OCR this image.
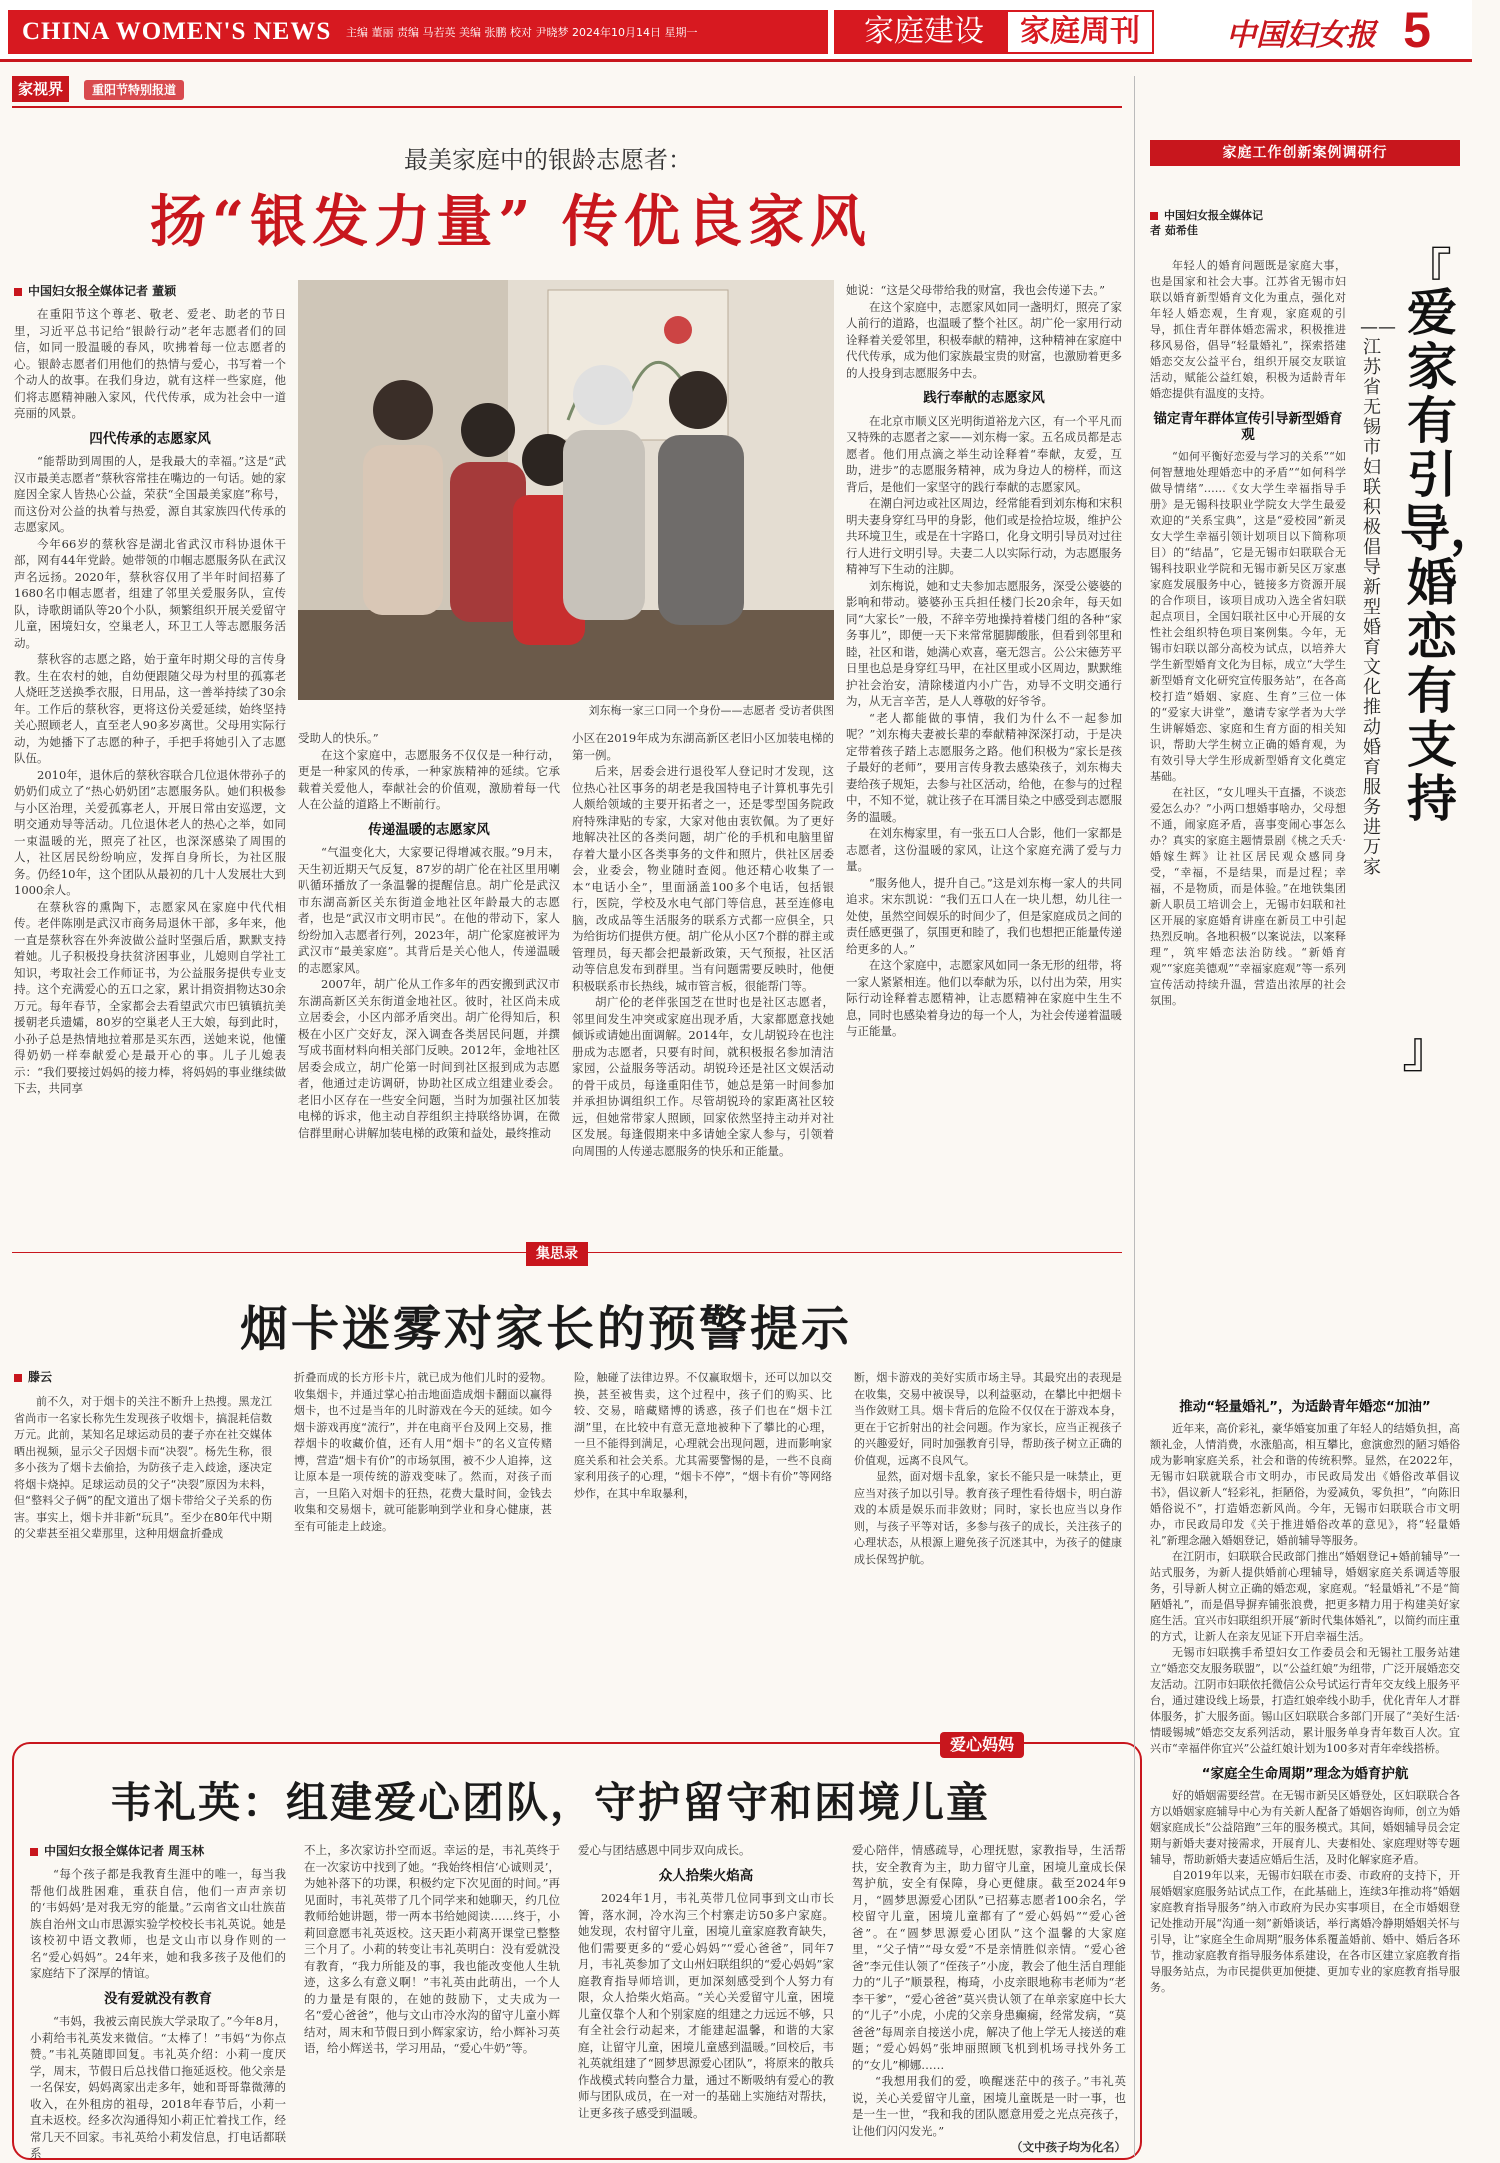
CHINA WOMEN'S NEWS	主编 董丽 责编 马若英 美编 张鹏 校对 尹晓梦 2024年10月14日 星期一	家庭建设	家庭周刊	中国妇女报 5
家视界	重阳节特别报道
最美家庭中的银龄志愿者：
扬“银发力量” 传优良家风
中国妇女报全媒体记者 董颖

在重阳节这个尊老、敬老、爱老、助老的节日里，习近平总书记给“银龄行动”老年志愿者们的回信，如同一股温暖的春风，吹拂着每一位志愿者的心。银龄志愿者们用他们的热情与爱心，书写着一个个动人的故事。在我们身边，就有这样一些家庭，他们将志愿精神融入家风，代代传承，成为社会中一道亮丽的风景。

四代传承的志愿家风

“能帮助到周围的人，是我最大的幸福。”这是“武汉市最美志愿者”蔡秋容常挂在嘴边的一句话。她的家庭因全家人皆热心公益，荣获“全国最美家庭”称号，而这份对公益的执着与热爱，源自其家族四代传承的志愿家风。

今年66岁的蔡秋容是湖北省武汉市科协退休干部，网有44年党龄。她带领的巾帼志愿服务队在武汉声名远扬。2020年，蔡秋容仅用了半年时间招募了1680名巾帼志愿者，组建了邻里关爱服务队，宣传队，诗歌朗诵队等20个小队，频繁组织开展关爱留守儿童，困境妇女，空巢老人，环卫工人等志愿服务活动。

蔡秋容的志愿之路，始于童年时期父母的言传身教。生在农村的她，自幼便跟随父母为村里的孤寡老人烧旺芝送换季衣服，日用品，这一善举持续了30余年。工作后的蔡秋容，更将这份关爱延续，始终坚持关心照顾老人，直至老人90多岁离世。父母用实际行动，为她播下了志愿的种子，手把手将她引入了志愿队伍。

2010年，退休后的蔡秋容联合几位退休带孙子的奶奶们成立了“热心奶奶团”志愿服务队。她们积极参与小区治理，关爱孤寡老人，开展日常由安巡逻，文明交通劝导等活动。几位退休老人的热心之举，如同一束温暖的光，照亮了社区，也深深感染了周围的人，社区居民纷纷响应，发挥自身所长，为社区服务。仍经10年，这个团队从最初的几十人发展壮大到1000余人。

在蔡秋容的熏陶下，志愿家风在家庭中代代相传。老伴陈刚是武汉市商务局退休干部，多年来，他一直是蔡秋容在外奔波做公益时坚强后盾，默默支持着她。儿子积极投身扶贫济困事业，儿媳则自学社工知识，考取社会工作师证书，为公益服务提供专业支持。这个充满爱心的五口之家，累计捐资捐物达30余万元。每年春节，全家都会去看望武穴市巴镇镇抗美援朝老兵遗孀，80岁的空巢老人王大娘，每到此时，小孙子总是热情地拉着那是买东西，送她来说，他懂得奶奶一样奉献爱心是最开心的事。儿子儿媳表示：“我们要接过妈妈的接力棒，将妈妈的事业继续做下去，共同享

刘东梅一家三口同一个身份——志愿者 受访者供图

受助人的快乐。”

在这个家庭中，志愿服务不仅仅是一种行动，更是一种家风的传承，一种家族精神的延续。它承载着关爱他人，奉献社会的价值观，激励着每一代人在公益的道路上不断前行。

传递温暖的志愿家风

“气温变化大，大家要记得增减衣服。”9月末，天生初近期天气反复，87岁的胡广伦在社区里用喇叭循环播放了一条温馨的提醒信息。胡广伦是武汉市东湖高新区关东街道金地社区年龄最大的志愿者，也是“武汉市文明市民”。在他的带动下，家人纷纷加入志愿者行列，2023年，胡广伦家庭被评为武汉市“最美家庭”。其背后是关心他人，传递温暖的志愿家风。

2007年，胡广伦从工作多年的西安搬到武汉市东湖高新区关东街道金地社区。彼时，社区尚未成立居委会，小区内部矛盾突出。胡广伦得知后，积极在小区广交好友，深入调查各类居民问题，并撰写成书面材料向相关部门反映。2012年，金地社区居委会成立，胡广伦第一时间到社区报到成为志愿者，他通过走访调研，协助社区成立组建业委会。老旧小区存在一些安全问题，当时为加强社区加装电梯的诉求，他主动自荐组织主持联络协调，在微信群里耐心讲解加装电梯的政策和益处，最终推动

小区在2019年成为东湖高新区老旧小区加装电梯的第一例。

后来，居委会进行退役军人登记时才发现，这位热心社区事务的胡老是我国特电子计算机事先引人颇给领域的主要开拓者之一，还是零型国务院政府特殊津贴的专家，大家对他由衷钦佩。为了更好地解决社区的各类问题，胡广伦的手机和电脑里留存着大量小区各类事务的文件和照片，供社区居委会，业委会，物业随时查阅。他还精心收集了一本“电话小全”，里面涵盖100多个电话，包括银行，医院，学校及水电气部门等信息，甚至连修电脑，改成品等生活服务的联系方式都一应俱全，只为给街坊们提供方便。胡广伦从小区7个群的群主或管理员，每天都会把最新政策，天气预报，社区活动等信息发布到群里。当有问题需要反映时，他便积极联系市长热线，城市管言板，很能帮门等。

胡广伦的老伴张国芝在世时也是社区志愿者，邻里间发生冲突或家庭出现矛盾，大家都愿意找她倾诉或请她出面调解。2014年，女儿胡锐玲在也注册成为志愿者，只要有时间，就积极报名参加清洁家园，公益服务等活动。胡锐玲还是社区文娱活动的骨干成员，每逢重阳佳节，她总是第一时间参加并承担协调组织工作。尽管胡锐玲的家距离社区较远，但她常带家人照顾，回家依然坚持主动并对社区发展。每逢假期来中多请她全家人参与，引领着向周围的人传递志愿服务的快乐和正能量。

她说：“这是父母带给我的财富，我也会传递下去。”

在这个家庭中，志愿家风如同一盏明灯，照亮了家人前行的道路，也温暖了整个社区。胡广伦一家用行动诠释着关爱邻里，积极奉献的精神，这种精神在家庭中代代传承，成为他们家族最宝贵的财富，也激励着更多的人投身到志愿服务中去。

践行奉献的志愿家风

在北京市顺义区光明街道裕龙六区，有一个平凡而又特殊的志愿者之家——刘东梅一家。五名成员都是志愿者。他们用点滴之举生动诠释着“奉献，友爱，互助，进步”的志愿服务精神，成为身边人的榜样，而这背后，是他们一家坚守的践行奉献的志愿家风。

在潮白河边或社区周边，经常能看到刘东梅和宋积明夫妻身穿红马甲的身影，他们或是捡拾垃圾，维护公共环境卫生，或是在十字路口，化身文明引导员对过往行人进行文明引导。夫妻二人以实际行动，为志愿服务精神写下生动的注脚。

刘东梅说，她和丈夫参加志愿服务，深受公婆婆的影响和带动。婆婆孙玉兵担任楼门长20余年，每天如同“大家长”一般，不辞辛劳地操持着楼门组的各种“家务事儿”，即便一天下来常常腿脚酸胀，但看到邻里和睦，社区和谐，她满心欢喜，毫无怨言。公公宋德芳平日里也总是身穿红马甲，在社区里或小区周边，默默维护社会治安，清除楼道内小广告，劝导不文明交通行为，从无言辛苦，是人人尊敬的好爷爷。

“老人都能做的事情，我们为什么不一起参加呢？”刘东梅夫妻被长辈的奉献精神深深打动，于是决定带着孩子踏上志愿服务之路。他们积极为“家长是孩子最好的老师”，要用言传身教去感染孩子，刘东梅夫妻给孩子规矩，去参与社区活动，给他，在参与的过程中，不知不觉，就让孩子在耳濡目染之中感受到志愿服务的温暖。

在刘东梅家里，有一张五口人合影，他们一家都是志愿者，这份温暖的家风，让这个家庭充满了爱与力量。

“服务他人，提升自己。”这是刘东梅一家人的共同追求。宋东凯说：“我们五口人在一块儿想，幼儿往一处使，虽然空间娱乐的时间少了，但是家庭成员之间的责任感更强了，氛围更和睦了，我们也想把正能量传递给更多的人。”

在这个家庭中，志愿家风如同一条无形的纽带，将一家人紧紧相连。他们以奉献为乐，以付出为荣，用实际行动诠释着志愿精神，让志愿精神在家庭中生生不息，同时也感染着身边的每一个人，为社会传递着温暖与正能量。

集思录
烟卡迷雾对家长的预警提示
滕云

前不久，对于烟卡的关注不断升上热搜。黑龙江省尚市一名家长称先生发现孩子收烟卡，搞混耗信数万元。此前，某知名足球运动员的妻子亦在社交媒体晒出视频，显示父子因烟卡而“决裂”。杨先生称，很多小孩为了烟卡去偷拾，为防孩子走入歧途，逐决定将烟卡烧掉。足球运动员的父子“决裂”原因为未料，但“整料父子俩”的配文道出了烟卡带给父子关系的伤害。事实上，烟卡并非新“玩具”。至少在80年代中期的父辈甚至祖父辈那里，这种用烟盒折叠成

折叠而成的长方形卡片，就已成为他们儿时的爱物。收集烟卡，并通过掌心拍击地面造成烟卡翻面以赢得烟卡，也不过是当年的儿时游戏在今天的延续。如今烟卡游戏再度“流行”，并在电商平台及网上交易，推荐烟卡的收藏价值，还有人用“烟卡”的名义宣传赌博，营造“烟卡有价”的市场氛围，被不少人追捧，这让原本是一项传统的游戏变味了。然而，对孩子而言，一旦陷入对烟卡的狂热，花费大量时间，金钱去收集和交易烟卡，就可能影响到学业和身心健康，甚至有可能走上歧途。

险，触碰了法律边界。不仅赢取烟卡，还可以加以交换，甚至被售卖，这个过程中，孩子们的购买、比较、交易，暗藏赌博的诱惑，孩子们也在“烟卡江湖”里，在比较中有意无意地被种下了攀比的心理，一旦不能得到满足，心理就会出现问题，进而影响家庭关系和社会关系。尤其需要警惕的是，一些不良商家利用孩子的心理，“烟卡不停”，“烟卡有价”等网络炒作，在其中牟取暴利，

断，烟卡游戏的美好实质市场主导。其最究出的表现是在收集，交易中被误导，以利益驱动，在攀比中把烟卡当作敛财工具。烟卡背后的危险不仅仅在于游戏本身，更在于它折射出的社会问题。作为家长，应当正视孩子的兴趣爱好，同时加强教育引导，帮助孩子树立正确的价值观，远离不良风气。

显然，面对烟卡乱象，家长不能只是一味禁止，更应当对孩子加以引导。教育孩子理性看待烟卡，明白游戏的本质是娱乐而非敛财；同时，家长也应当以身作则，与孩子平等对话，多参与孩子的成长，关注孩子的心理状态，从根源上避免孩子沉迷其中，为孩子的健康成长保驾护航。

爱心妈妈
韦礼英：组建爱心团队，守护留守和困境儿童
中国妇女报全媒体记者 周玉林

“每个孩子都是我教育生涯中的唯一，每当我帮他们战胜困难，重获自信，他们一声声亲切的‘韦妈妈’是对我无穷的能量。”云南省文山壮族苗族自治州文山市思源实验学校校长韦礼英说。她是该校初中语文教师，也是文山市以身作则的一名“爱心妈妈”。24年来，她和我多孩子及他们的家庭结下了深厚的情谊。

没有爱就没有教育

“韦妈，我被云南民族大学录取了。”今年8月，小莉给韦礼英发来微信。“太棒了！”韦妈“为你点赞。”韦礼英随即回复。韦礼英介绍：小莉一度厌学，周末，节假日后总找借口拖延返校。他父亲是一名保安，妈妈离家出走多年，她和哥哥靠微薄的收入，在外租房的祖母，2018年春节后，小莉一直未返校。经多次沟通得知小莉正忙着找工作，经常几天不回家。韦礼英给小莉发信息，打电话都联系

不上，多次家访扑空而返。幸运的是，韦礼英终于在一次家访中找到了她。“我始终相信‘心诚则灵’，为她补落下的功课，积极约定下次见面的时间。”再见面时，韦礼英带了几个同学来和她聊天，约几位教师给她讲题，带一两本书给她阅读……终于，小莉回意愿韦礼英返校。这天距小莉离开课堂已整整三个月了。小莉的转变让韦礼英明白：没有爱就没有教育，“我力所能及的事，我也能改变他人生轨迹，这多么有意义啊！”韦礼英由此萌出，一个人的力量是有限的，在她的鼓励下，丈夫成为一名“爱心爸爸”，他与文山市冷水沟的留守儿童小辉结对，周末和节假日到小辉家家访，给小辉补习英语，给小辉送书，学习用品，“爱心牛奶”等。

爱心与团结感恩中同步双向成长。

众人拾柴火焰高

2024年1月，韦礼英带几位同事到文山市长箐，落水洞，冷水沟三个村寨走访50多户家庭。她发现，农村留守儿童，困境儿童家庭教育缺失，他们需要更多的“爱心妈妈”“爱心爸爸”，同年7月，韦礼英参加了文山州妇联组织的“爱心妈妈”家庭教育指导师培训，更加深刻感受到个人努力有限，众人拾柴火焰高。“关心关爱留守儿童，困境儿童仅靠个人和个别家庭的组建之力远远不够，只有全社会行动起来，才能建起温馨，和谐的大家庭，让留守儿童，困境儿童感到温暖。”回校后，韦礼英就组建了“圆梦思源爱心团队”，将原来的散兵作战模式转向整合力量，通过不断吸纳有爱心的教师与团队成员，在一对一的基础上实施结对帮扶，让更多孩子感受到温暖。

爱心陪伴，情感疏导，心理抚慰，家教指导，生活帮扶，安全教育为主，助力留守儿童，困境儿童成长保驾护航，安全有保障，身心更健康。截至2024年9月，“圆梦思源爱心团队”已招募志愿者100余名，学校留守儿童，困境儿童都有了“爱心妈妈”“爱心爸爸”。在“圆梦思源爱心团队”这个温馨的大家庭里，“父子情”“母女爱”不是亲情胜似亲情。“爱心爸爸”李元佳认领了“侄孩子”小庞，教会了他生活自理能力的“儿子”顺景程，梅琦，小皮亲眼地称韦老师为“老李干爹”，“爱心爸爸”莫兴贵认领了在单亲家庭中长大的“儿子”小虎，小虎的父亲身患癫痫，经常发病，“莫爸爸”每周亲自接送小虎，解决了他上学无人接送的难题；“爱心妈妈”张坤丽照顾飞机到机场寻找外务工的“女儿”柳娜……

“我想用我们的爱，唤醒迷茫中的孩子。”韦礼英说，关心关爱留守儿童，困境儿童既是一时一事，也是一生一世，“我和我的团队愿意用爱之光点亮孩子，让他们闪闪发光。”

（文中孩子均为化名）

家庭工作创新案例调研行
中国妇女报全媒体记者 茹希佳
『
爱家有引导，婚恋有支持
』
——江苏省无锡市妇联积极倡导新型婚育文化推动婚育服务进万家

年轻人的婚育问题既是家庭大事，也是国家和社会大事。江苏省无锡市妇联以婚育新型婚育文化为重点，强化对年轻人婚恋观，生育观，家庭观的引导，抓住青年群体婚恋需求，积极推进移风易俗，倡导“轻量婚礼”，探索搭建婚恋交友公益平台，组织开展交友联谊活动，赋能公益红娘，积极为适龄青年婚恋提供有温度的支持。

锚定青年群体宣传引导新型婚育观

“如何平衡好恋爱与学习的关系”“如何智慧地处理婚恋中的矛盾”“如何科学做导情绪”……《女大学生幸福指导手册》是无锡科技职业学院女大学生最爱欢迎的“关系宝典”，这是“爱校园”新灵女大学生幸福引领计划项目以下简称项目）的“结晶”，它是无锡市妇联联合无锡科技职业学院和无锡市新吴区万家惠家庭发展服务中心，链接多方资源开展的合作项目，该项目成功入选全省妇联起点项目，全国妇联社区中心开展的女性社会组织特色项目案例集。今年，无锡市妇联以部分高校为试点，以培养大学生新型婚育文化为目标，成立“大学生新型婚育文化研究宣传服务站”，在各高校打造“婚姻、家庭、生育”三位一体的“爱家大讲堂”，邀请专家学者为大学生讲解婚恋、家庭和生育方面的相关知识，帮助大学生树立正确的婚育观，为有效引导大学生形成新型婚育文化奠定基础。

在社区，“女儿哩头干直播，不谈恋爱怎么办？”小两口想婚事啥办，父母想不通，闹家庭矛盾，喜事变闹心事怎么办？真实的家庭主题情景剧《桃之夭夭·婚嫁生辉》让社区居民观众感同身受，“幸福，不是结果，而是过程；幸福，不是物质，而是体验。”在地铁集团新人职员工培训会上，无锡市妇联和社区开展的家庭婚育讲座在新员工中引起热烈反响。各地积极“以案说法，以案释理”，筑牢婚恋法治防线。“新婚育观”“家庭美德观”“幸福家庭观”等一系列宣传活动持续升温，营造出浓厚的社会氛围。

推动“轻量婚礼”，为适龄青年婚恋“加油”

近年来，高价彩礼，豪华婚宴加重了年轻人的结婚负担，高额礼金，人情消费，水涨船高，相互攀比，愈演愈烈的陋习婚俗成为影响家庭关系，社会和谐的传统积弊。显然，在2022年，无锡市妇联就联合市文明办，市民政局发出《婚俗改革倡议书》，倡议新人“轻彩礼，拒陋俗，为爱减负，零负担”，“向陈旧婚俗说不”，打造婚恋新风尚。今年，无锡市妇联联合市文明办，市民政局印发《关于推进婚俗改革的意见》，将“轻量婚礼”新理念融入婚姻登记，婚前辅导等服务。

在江阴市，妇联联合民政部门推出“婚姻登记+婚前辅导”一站式服务，为新人提供婚前心理辅导，婚姻家庭关系调适等服务，引导新人树立正确的婚恋观，家庭观。“轻量婚礼”不是“简陋婚礼”，而是倡导摒弃铺张浪费，把更多精力用于构建美好家庭生活。宜兴市妇联组织开展“新时代集体婚礼”，以简约而庄重的方式，让新人在亲友见证下开启幸福生活。

无锡市妇联携手希望妇女工作委员会和无锡社工服务站建立“婚恋交友服务联盟”，以“公益红娘”为纽带，广泛开展婚恋交友活动。江阴市妇联依托微信公众号试运行青年交友线上服务平台，通过建设线上场景，打造红娘牵线小助手，优化青年人才群体服务，扩大服务面。锡山区妇联联合多部门开展了“美好生活·情暖锡城”婚恋交友系列活动，累计服务单身青年数百人次。宜兴市“幸福伴你宜兴”公益红娘计划为100多对青年牵线搭桥。

“家庭全生命周期”理念为婚育护航

好的婚姻需要经营。在无锡市新吴区婚登处，区妇联联合各方以婚姻家庭辅导中心为有关新人配备了婚姻咨询师，创立为婚姻家庭成长“公益陪跑”三年的服务模式。其间，婚姻辅导员会定期与新婚夫妻对接需求，开展育儿、夫妻相处、家庭理财等专题辅导，帮助新婚夫妻适应婚后生活，及时化解家庭矛盾。

自2019年以来，无锡市妇联在市委、市政府的支持下，开展婚姻家庭服务站试点工作，在此基础上，连续3年推动将“婚姻家庭教育指导服务”纳入市政府为民办实事项目，在全市婚姻登记处推动开展“沟通一刻”新婚谈话，举行离婚冷静期婚姻关怀与引导，让“家庭全生命周期”服务体系覆盖婚前、婚中、婚后各环节，推动家庭教育指导服务体系建设，在各市区建立家庭教育指导服务站点，为市民提供更加便捷、更加专业的家庭教育指导服务。
